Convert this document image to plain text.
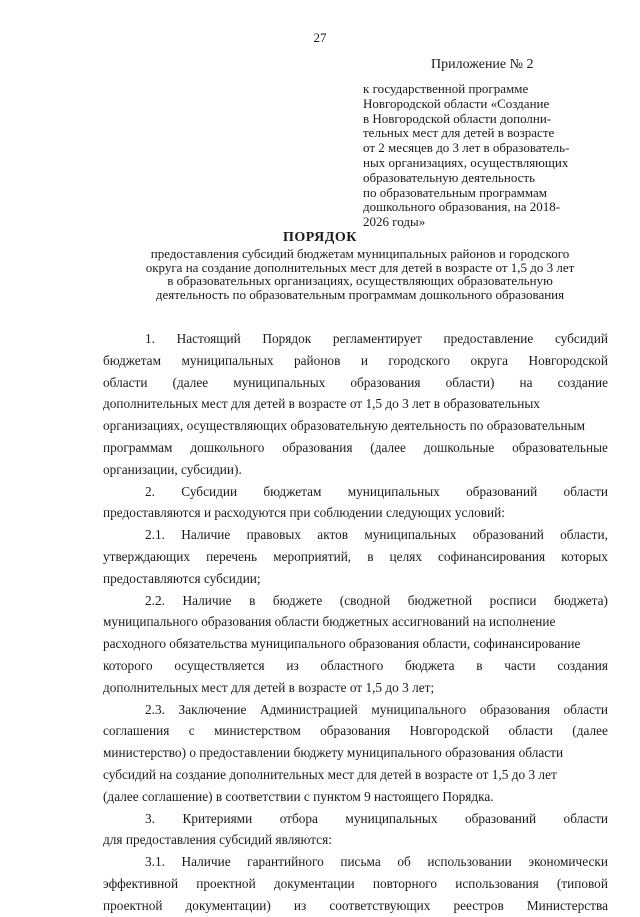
27
Приложение № 2
к государственной программе
Новгородской области «Создание
в Новгородской области дополни-
тельных мест для детей в возрасте
от 2 месяцев до 3 лет в образователь-
ных организациях, осуществляющих
образовательную деятельность
по образовательным программам
дошкольного образования, на 2018-
2026 годы»
ПОРЯДОК
предоставления субсидий бюджетам муниципальных районов и городского
округа на создание дополнительных мест для детей в возрасте от 1,5 до 3 лет
в образовательных организациях, осуществляющих образовательную
деятельность по образовательным программам дошкольного образования
1. Настоящий Порядок регламентирует предоставление субсидий
бюджетам муниципальных районов и городского округа Новгородской
области (далее муниципальных образования области) на создание
дополнительных мест для детей в возрасте от 1,5 до 3 лет в образовательных
организациях, осуществляющих образовательную деятельность по образовательным
программам дошкольного образования (далее дошкольные образовательные
организации, субсидии).
2. Субсидии бюджетам муниципальных образований области
предоставляются и расходуются при соблюдении следующих условий:
2.1. Наличие правовых актов муниципальных образований области,
утверждающих перечень мероприятий, в целях софинансирования которых
предоставляются субсидии;
2.2. Наличие в бюджете (сводной бюджетной росписи бюджета)
муниципального образования области бюджетных ассигнований на исполнение
расходного обязательства муниципального образования области, софинансирование
которого осуществляется из областного бюджета в части создания
дополнительных мест для детей в возрасте от 1,5 до 3 лет;
2.3. Заключение Администрацией муниципального образования области
соглашения с министерством образования Новгородской области (далее
министерство) о предоставлении бюджету муниципального образования области
субсидий на создание дополнительных мест для детей в возрасте от 1,5 до 3 лет
(далее соглашение) в соответствии с пунктом 9 настоящего Порядка.
3. Критериями отбора муниципальных образований области
для предоставления субсидий являются:
3.1. Наличие гарантийного письма об использовании экономически
эффективной проектной документации повторного использования (типовой
проектной документации) из соответствующих реестров Министерства
